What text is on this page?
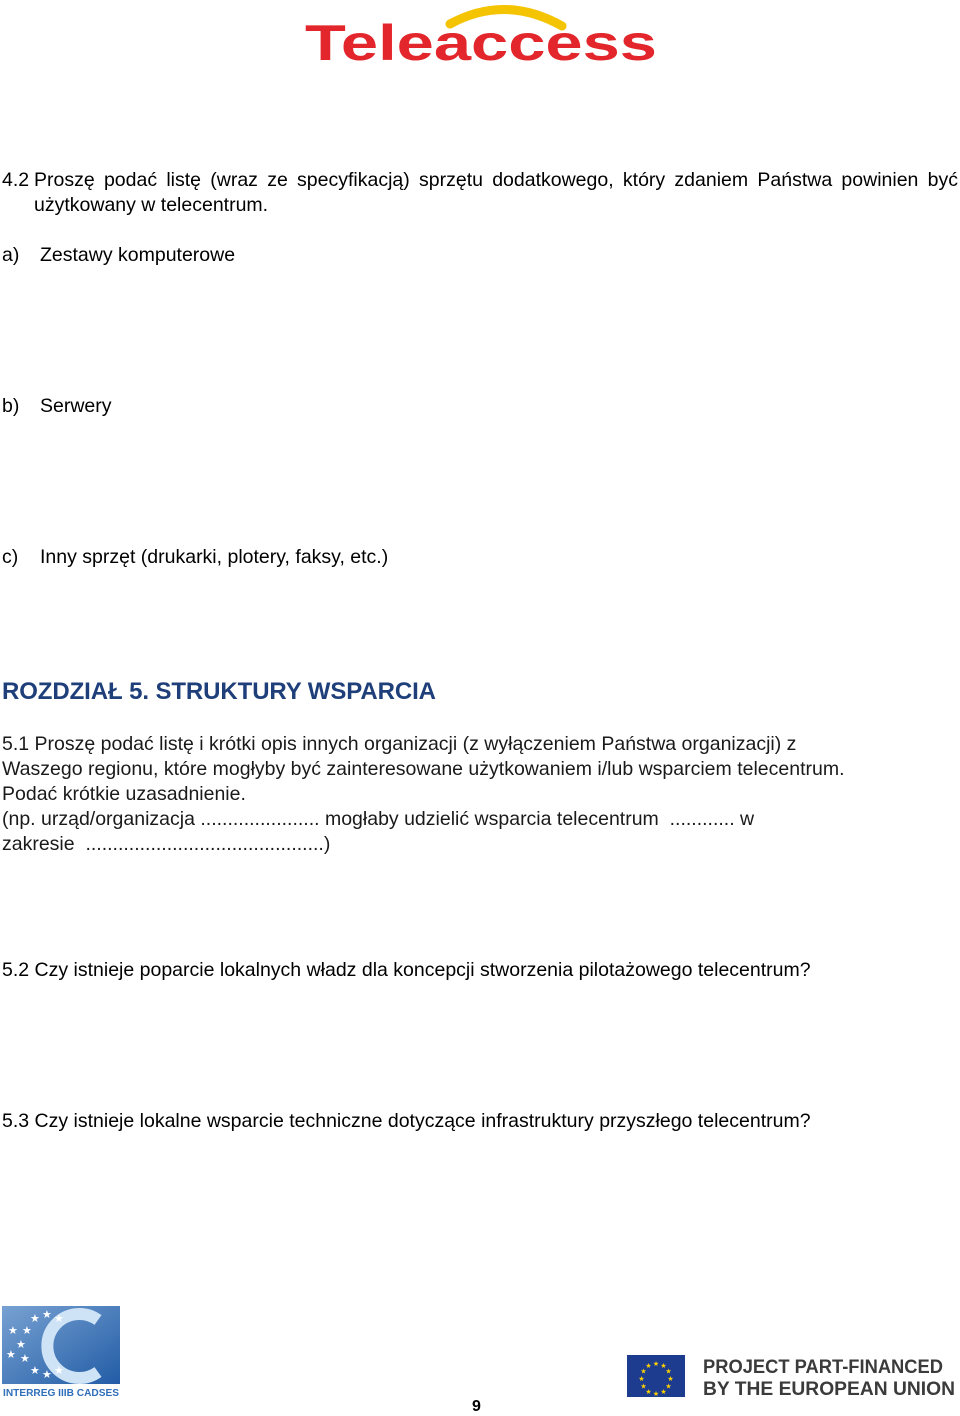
Teleaccess
4.2 Proszę podać listę (wraz ze specyfikacją) sprzętu dodatkowego, który zdaniem Państwa powinien być użytkowany w telecentrum.
a) Zestawy komputerowe
b) Serwery
c) Inny sprzęt (drukarki, plotery, faksy, etc.)
ROZDZIAŁ 5. STRUKTURY WSPARCIA
5.1 Proszę podać listę i krótki opis innych organizacji (z wyłączeniem Państwa organizacji) z
Waszego regionu, które mogłyby być zainteresowane użytkowaniem i/lub wsparciem telecentrum.
Podać krótkie uzasadnienie.
(np. urząd/organizacja ...................... mogłaby udzielić wsparcia telecentrum  ............ w
zakresie  ............................................)
5.2 Czy istnieje poparcie lokalnych władz dla koncepcji stworzenia pilotażowego telecentrum?
5.3 Czy istnieje lokalne wsparcie techniczne dotyczące infrastruktury przyszłego telecentrum?
★ ★ ★
★
★
★
★ ★ ★
★
★
INTERREG IIIB CADSES
★ ★
★
★
★
★
★
★
★
★
★
★	PROJECT PART-FINANCED
BY THE EUROPEAN UNION
9
